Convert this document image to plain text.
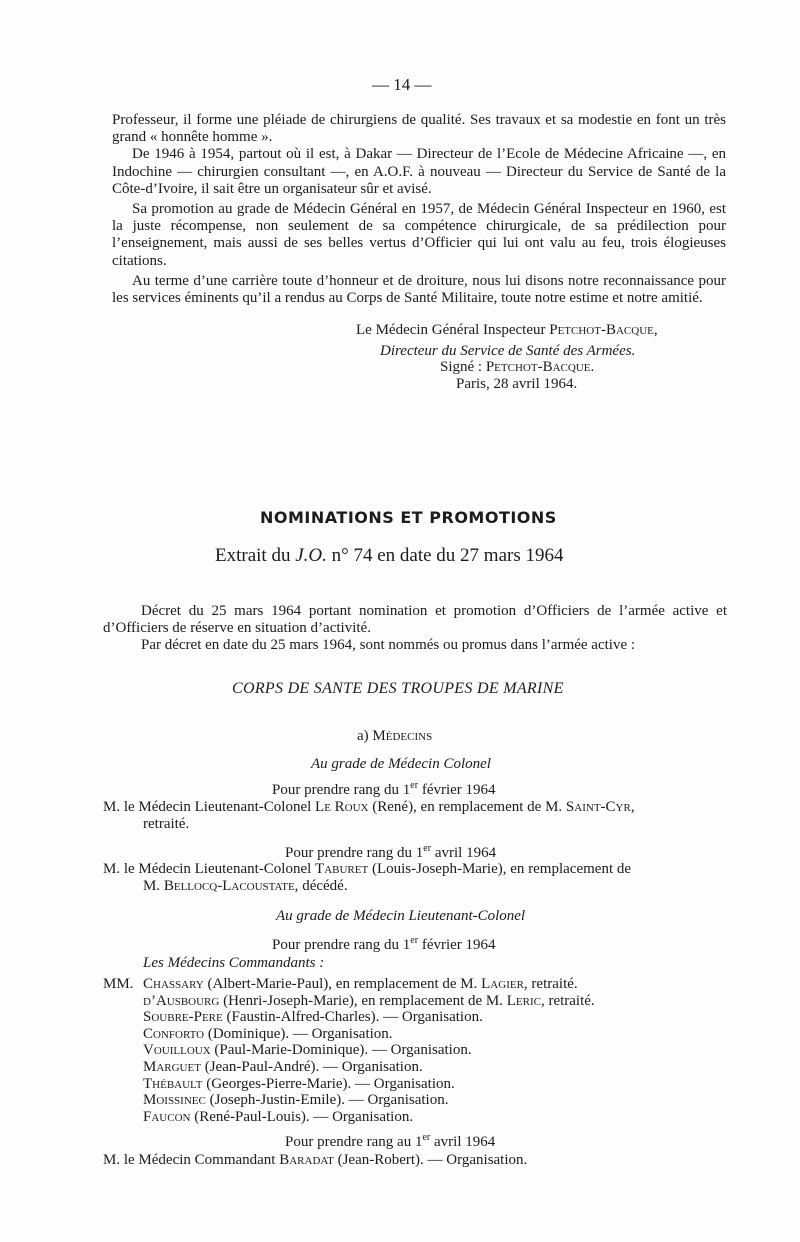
— 14 —

Professeur, il forme une pléiade de chirurgiens de qualité. Ses travaux et sa modestie en font un très grand « honnête homme ».

De 1946 à 1954, partout où il est, à Dakar — Directeur de l’Ecole de Médecine Africaine —, en Indochine — chirurgien consultant —, en A.O.F. à nouveau — Directeur du Service de Santé de la Côte-d’Ivoire, il sait être un organisateur sûr et avisé.

Sa promotion au grade de Médecin Général en 1957, de Médecin Général Inspecteur en 1960, est la juste récompense, non seulement de sa compétence chirurgicale, de sa prédilection pour l’enseignement, mais aussi de ses belles vertus d’Officier qui lui ont valu au feu, trois élogieuses citations.

Au terme d’une carrière toute d’honneur et de droiture, nous lui disons notre reconnaissance pour les services éminents qu’il a rendus au Corps de Santé Militaire, toute notre estime et notre amitié.

Le Médecin Général Inspecteur Petchot-Bacque,
Directeur du Service de Santé des Armées.
Signé : Petchot-Bacque.
Paris, 28 avril 1964.
NOMINATIONS ET PROMOTIONS
Extrait du J.O. n° 74 en date du 27 mars 1964

Décret du 25 mars 1964 portant nomination et promotion d’Officiers de l’armée active et d’Officiers de réserve en situation d’activité.

Par décret en date du 25 mars 1964, sont nommés ou promus dans l’armée active :

CORPS DE SANTE DES TROUPES DE MARINE
a) Médecins
Au grade de Médecin Colonel
Pour prendre rang du 1er février 1964
M. le Médecin Lieutenant-Colonel Le Roux (René), en remplacement de M. Saint-Cyr,
retraité.
Pour prendre rang du 1er avril 1964
M. le Médecin Lieutenant-Colonel Taburet (Louis-Joseph-Marie), en remplacement de
M. Bellocq-Lacoustate, décédé.
Au grade de Médecin Lieutenant-Colonel
Pour prendre rang du 1er février 1964
Les Médecins Commandants :
MM. Chassary (Albert-Marie-Paul), en remplacement de M. Lagier, retraité.
d’Ausbourg (Henri-Joseph-Marie), en remplacement de M. Leric, retraité.
Soubre-Pere (Faustin-Alfred-Charles). — Organisation.
Conforto (Dominique). — Organisation.
Vouilloux (Paul-Marie-Dominique). — Organisation.
Marguet (Jean-Paul-André). — Organisation.
Thébault (Georges-Pierre-Marie). — Organisation.
Moissinec (Joseph-Justin-Emile). — Organisation.
Faucon (René-Paul-Louis). — Organisation.
Pour prendre rang au 1er avril 1964
M. le Médecin Commandant Baradat (Jean-Robert). — Organisation.
